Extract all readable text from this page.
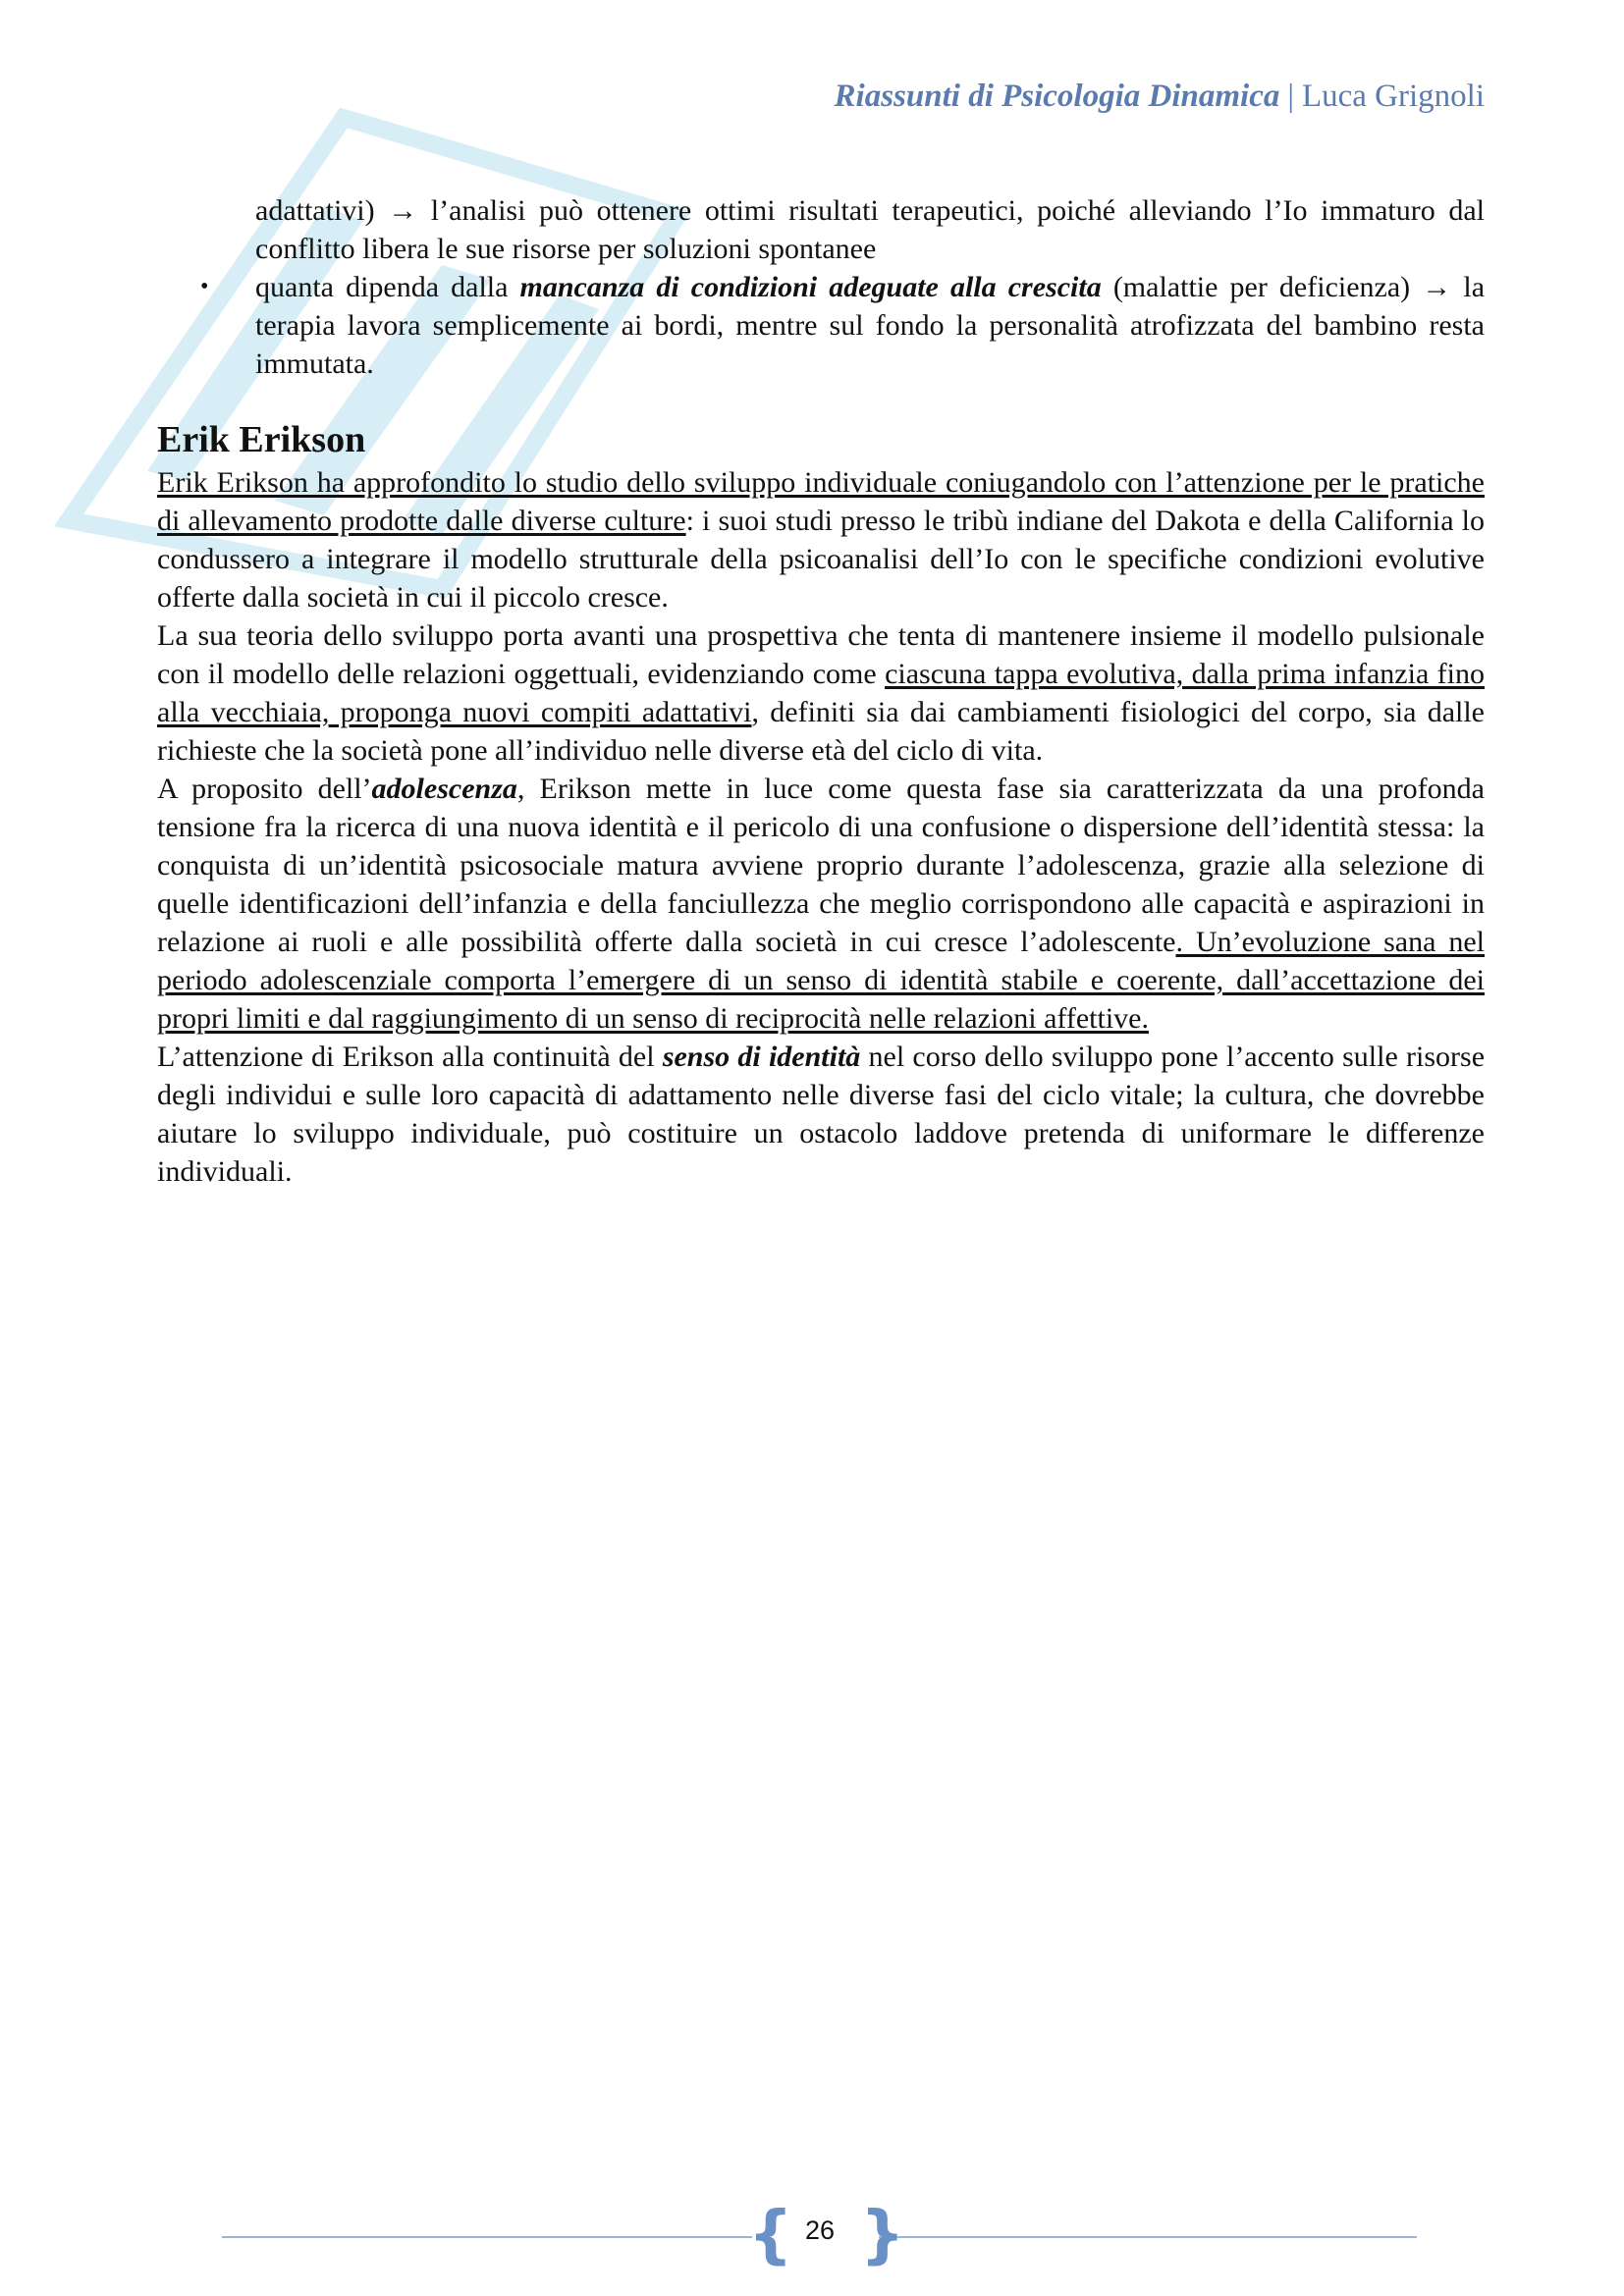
Riassunti di Psicologia Dinamica | Luca Grignoli

adattativi) → l’analisi può ottenere ottimi risultati terapeutici, poiché alleviando l’Io immaturo dal conflitto libera le sue risorse per soluzioni spontanee

• quanta dipenda dalla mancanza di condizioni adeguate alla crescita (malattie per deficienza) → la terapia lavora semplicemente ai bordi, mentre sul fondo la personalità atrofizzata del bambino resta immutata.
Erik Erikson

Erik Erikson ha approfondito lo studio dello sviluppo individuale coniugandolo con l’attenzione per le pratiche di allevamento prodotte dalle diverse culture: i suoi studi presso le tribù indiane del Dakota e della California lo condussero a integrare il modello strutturale della psicoanalisi dell’Io con le specifiche condizioni evolutive offerte dalla società in cui il piccolo cresce.

La sua teoria dello sviluppo porta avanti una prospettiva che tenta di mantenere insieme il modello pulsionale con il modello delle relazioni oggettuali, evidenziando come ciascuna tappa evolutiva, dalla prima infanzia fino alla vecchiaia, proponga nuovi compiti adattativi, definiti sia dai cambiamenti fisiologici del corpo, sia dalle richieste che la società pone all’individuo nelle diverse età del ciclo di vita.

A proposito dell’adolescenza, Erikson mette in luce come questa fase sia caratterizzata da una profonda tensione fra la ricerca di una nuova identità e il pericolo di una confusione o dispersione dell’identità stessa: la conquista di un’identità psicosociale matura avviene proprio durante l’adolescenza, grazie alla selezione di quelle identificazioni dell’infanzia e della fanciullezza che meglio corrispondono alle capacità e aspirazioni in relazione ai ruoli e alle possibilità offerte dalla società in cui cresce l’adolescente. Un’evoluzione sana nel periodo adolescenziale comporta l’emergere di un senso di identità stabile e coerente, dall’accettazione dei propri limiti e dal raggiungimento di un senso di reciprocità nelle relazioni affettive.

L’attenzione di Erikson alla continuità del senso di identità nel corso dello sviluppo pone l’accento sulle risorse degli individui e sulle loro capacità di adattamento nelle diverse fasi del ciclo vitale; la cultura, che dovrebbe aiutare lo sviluppo individuale, può costituire un ostacolo laddove pretenda di uniformare le differenze individuali.

{ }
26
